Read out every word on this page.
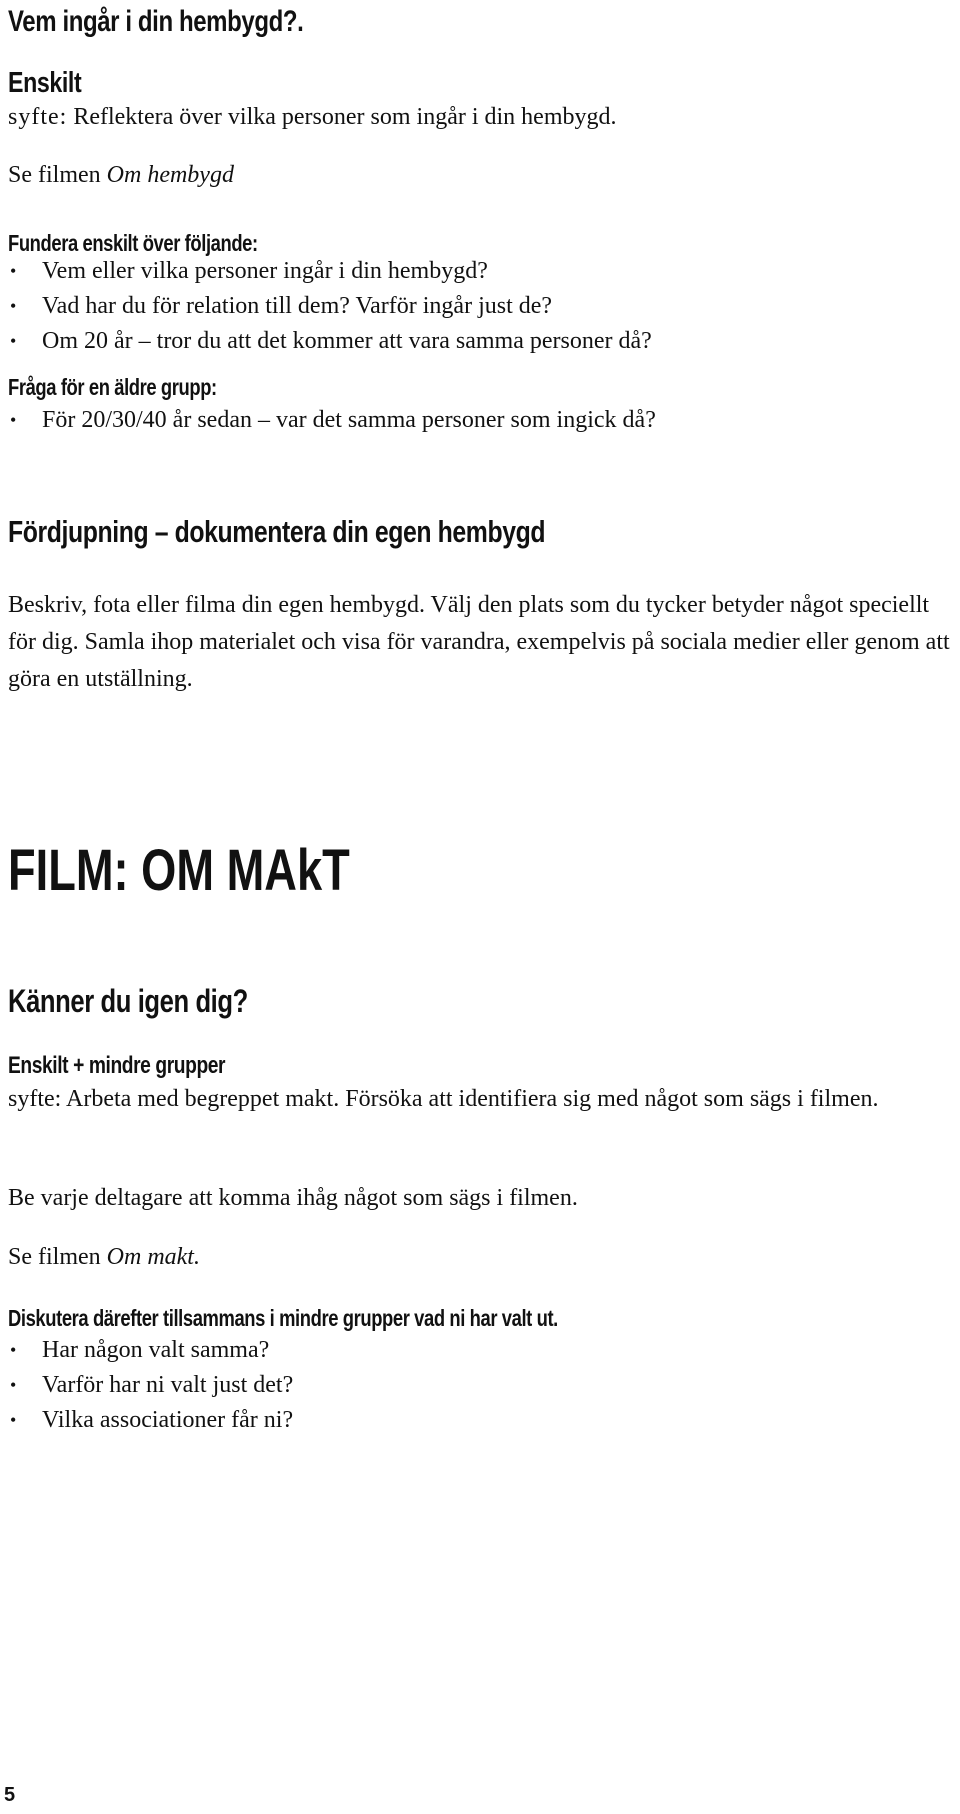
Vem ingår i din hembygd?.
Enskilt
syfte: Reflektera över vilka personer som ingår i din hembygd.
Se filmen Om hembygd
Fundera enskilt över följande:
• Vem eller vilka personer ingår i din hembygd?
• Vad har du för relation till dem? Varför ingår just de?
• Om 20 år – tror du att det kommer att vara samma personer då?
Fråga för en äldre grupp:
• För 20/30/40 år sedan – var det samma personer som ingick då?
Fördjupning – dokumentera din egen hembygd
Beskriv, fota eller filma din egen hembygd. Välj den plats som du tycker betyder något speciellt för dig. Samla ihop materialet och visa för varandra, exempelvis på sociala medier eller genom att göra en utställning.
FILM: OM MAkT
Känner du igen dig?
Enskilt + mindre grupper
syfte: Arbeta med begreppet makt. Försöka att identifiera sig med något som sägs i filmen.
Be varje deltagare att komma ihåg något som sägs i filmen.
Se filmen Om makt.
Diskutera därefter tillsammans i mindre grupper vad ni har valt ut.
• Har någon valt samma?
• Varför har ni valt just det?
• Vilka associationer får ni?
5
